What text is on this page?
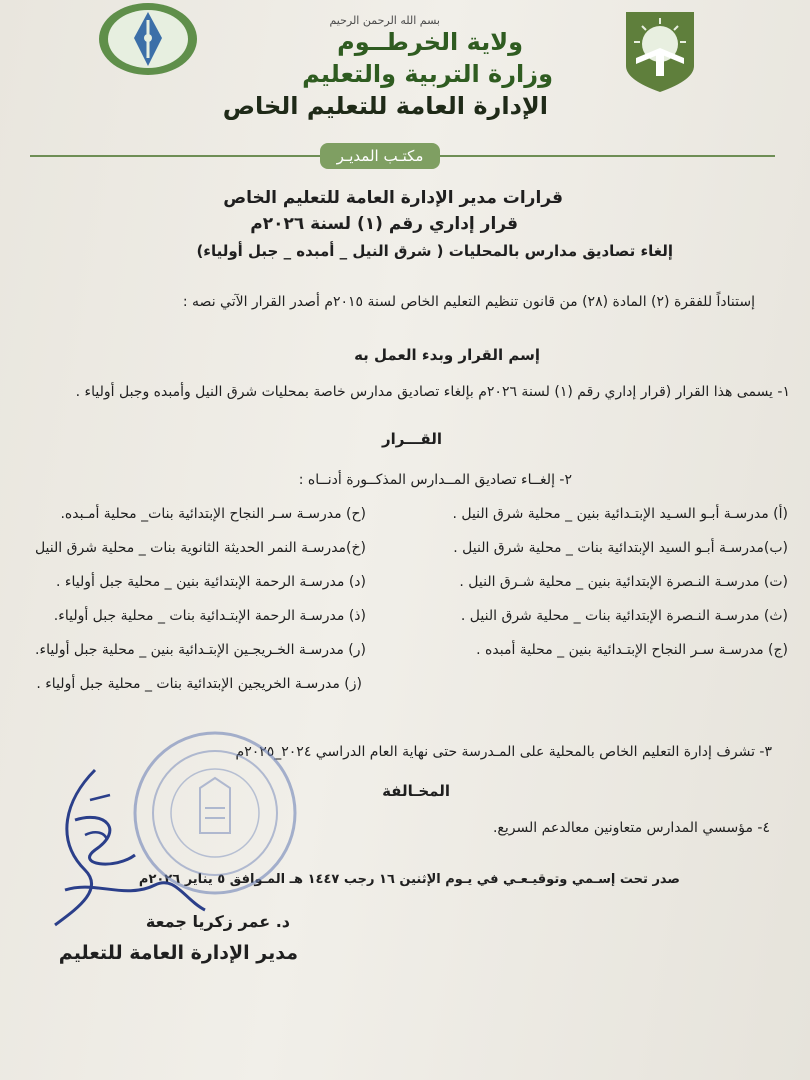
بسم الله الرحمن الرحيم
ولاية الخرطــوم
وزارة التربية والتعليم
الإدارة العامة للتعليم الخاص
مكتـب المديـر
قرارات مدير الإدارة العامة للتعليم الخاص
قرار إداري رقم (١) لسنة ٢٠٢٦م
إلغاء تصاديق مدارس بالمحليات ( شرق النيل _ أمبده _ جبل أولياء)
إستناداً للفقرة (٢) المادة (٢٨) من قانون تنظيم التعليم الخاص لسنة ٢٠١٥م أصدر القرار الآتي نصه :
إسم القرار وبدء العمل به
١- يسمى هذا القرار (قرار إداري رقم (١) لسنة ٢٠٢٦م بإلغاء تصاديق مدارس خاصة بمحليات شرق النيل وأمبده وجبل أولياء .
القـــرار
٢- إلغــاء تصاديق المــدارس المذكــورة أدنــاه :
(أ) مدرسـة أبـو السـيد الإبتـدائية بنين _ محلية شرق النيل .
(ب)مدرسـة أبـو السيد الإبتدائية بنات _ محلية شرق النيل .
(ت) مدرسـة النـصرة الإبتدائية بنين _ محلية شـرق النيل .
(ث) مدرسـة النـصرة الإبتدائية بنات _ محلية شرق النيل .
(ج) مدرسـة سـر النجاح الإبتـدائية بنين _ محلية أمبده .
(ز) مدرسـة الخريجين الإبتدائية بنات _ محلية جبل أولياء .
(ح) مدرسـة سـر النجاح الإبتدائية بنات_ محلية أمـبده.
(خ)مدرسـة النمر الحديثة الثانوية بنات _ محلية شرق النيل
(د) مدرسـة الرحمة الإبتدائية بنين _ محلية جبل أولياء .
(ذ) مدرسـة الرحمة الإبتـدائية بنات _ محلية جبل أولياء.
(ر) مدرسـة الخـريجـين الإبتـدائية بنين _ محلية جبل أولياء.
٣- تشرف إدارة التعليم الخاص بالمحلية على المـدرسة حتى نهاية العام الدراسي ٢٠٢٤_٢٠٢٥م
المخـالفة
٤- مؤسسي المدارس متعاونين معالدعم السريع.
صدر تحت إسـمي وتوقيـعـي في يـوم الإثنين ١٦ رجب ١٤٤٧ هـ المـوافق ٥ يناير ٢٠٢٦م
د. عمر زكريا جمعة
مدير الإدارة العامة للتعليم
